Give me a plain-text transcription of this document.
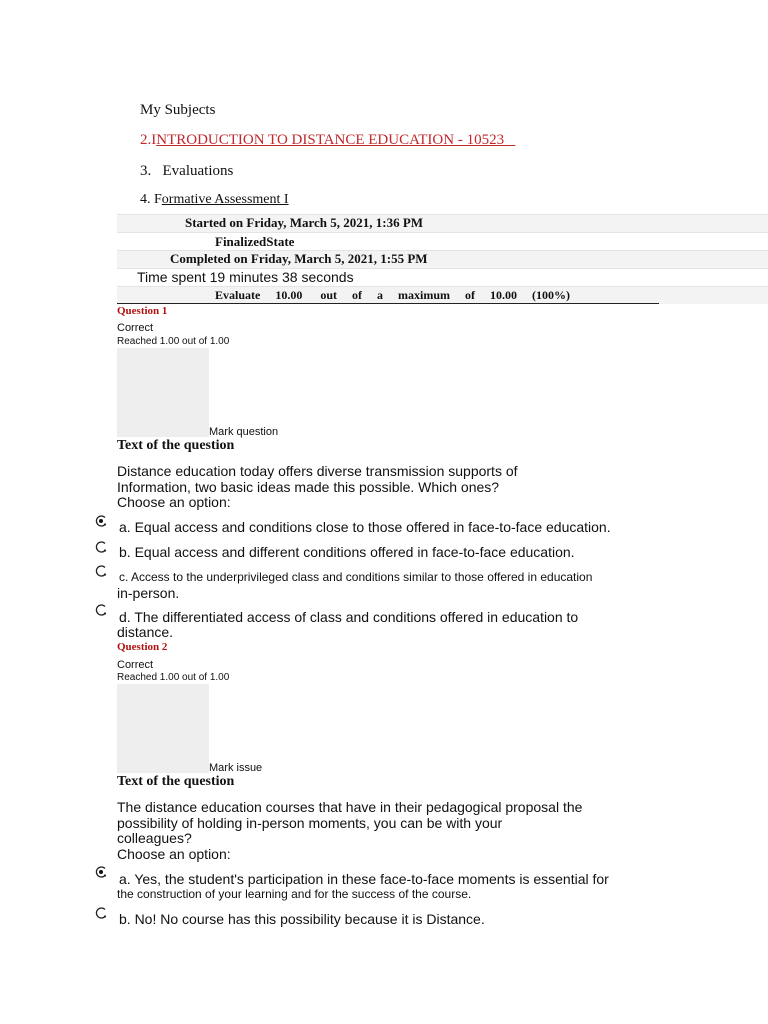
My Subjects
2.INTRODUCTION TO DISTANCE EDUCATION - 10523
3. Evaluations
4. Formative Assessment I
Started on Friday, March 5, 2021, 1:36 PM
FinalizedState
Completed on Friday, March 5, 2021, 1:55 PM
Time spent 19 minutes 38 seconds
Evaluate 10.00 out of a maximum of 10.00 (100%)
Question 1
Correct
Reached 1.00 out of 1.00
Mark question
Text of the question
Distance education today offers diverse transmission supports of
Information, two basic ideas made this possible. Which ones?
Choose an option:
a. Equal access and conditions close to those offered in face-to-face education.
b. Equal access and different conditions offered in face-to-face education.
c. Access to the underprivileged class and conditions similar to those offered in education
in-person.
d. The differentiated access of class and conditions offered in education to
distance.
Question 2
Correct
Reached 1.00 out of 1.00
Mark issue
Text of the question
The distance education courses that have in their pedagogical proposal the
possibility of holding in-person moments, you can be with your
colleagues?
Choose an option:
a. Yes, the student's participation in these face-to-face moments is essential for
the construction of your learning and for the success of the course.
b. No! No course has this possibility because it is Distance.
